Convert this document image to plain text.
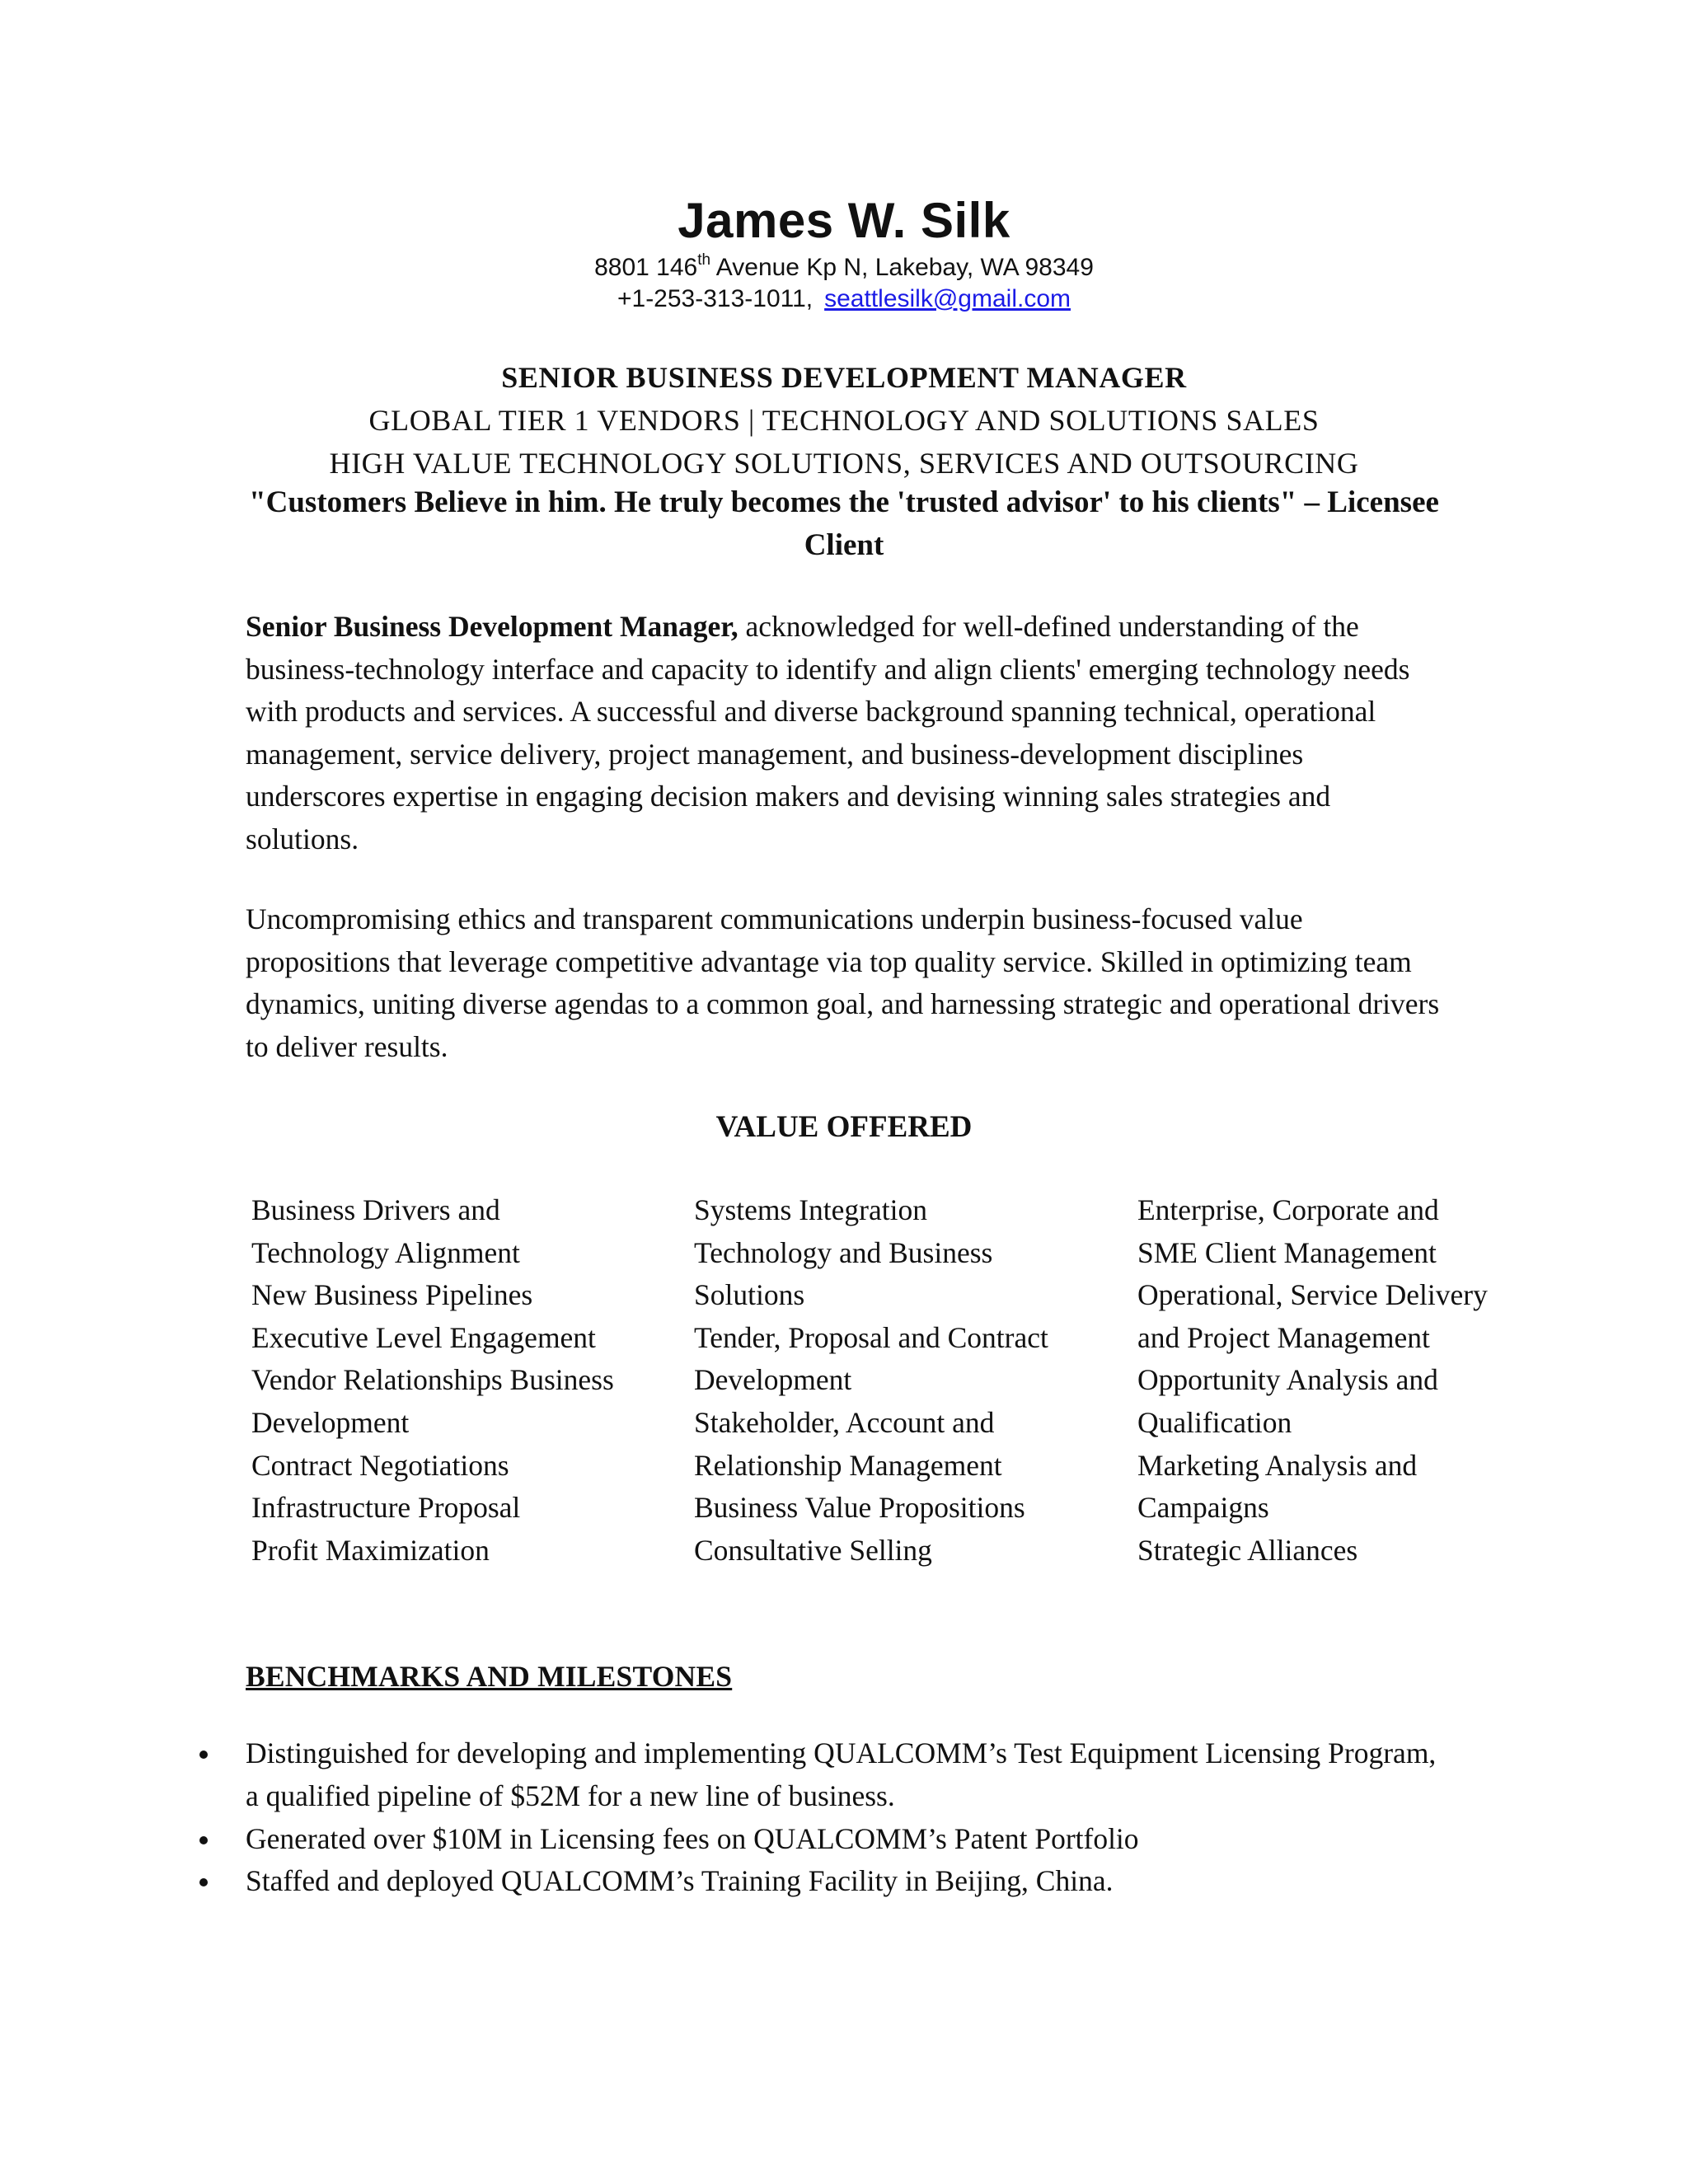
James W. Silk
8801 146th Avenue Kp N, Lakebay, WA 98349
+1-253-313-1011, seattlesilk@gmail.com
SENIOR BUSINESS DEVELOPMENT MANAGER
GLOBAL TIER 1 VENDORS | TECHNOLOGY AND SOLUTIONS SALES
HIGH VALUE TECHNOLOGY SOLUTIONS, SERVICES AND OUTSOURCING
"Customers Believe in him. He truly becomes the 'trusted advisor' to his clients" – Licensee Client
Senior Business Development Manager, acknowledged for well-defined understanding of the business-technology interface and capacity to identify and align clients' emerging technology needs with products and services. A successful and diverse background spanning technical, operational management, service delivery, project management, and business-development disciplines underscores expertise in engaging decision makers and devising winning sales strategies and solutions.
Uncompromising ethics and transparent communications underpin business-focused value propositions that leverage competitive advantage via top quality service. Skilled in optimizing team dynamics, uniting diverse agendas to a common goal, and harnessing strategic and operational drivers to deliver results.
VALUE OFFERED
Business Drivers and
Technology Alignment
New Business Pipelines
Executive Level Engagement
Vendor Relationships Business
Development
Contract Negotiations
Infrastructure Proposal
Profit Maximization
Systems Integration
Technology and Business
Solutions
Tender, Proposal and Contract
Development
Stakeholder, Account and
Relationship Management
Business Value Propositions
Consultative Selling
Enterprise, Corporate and
SME Client Management
Operational, Service Delivery
and Project Management
Opportunity Analysis and
Qualification
Marketing Analysis and
Campaigns
Strategic Alliances
BENCHMARKS AND MILESTONES
Distinguished for developing and implementing QUALCOMM’s Test Equipment Licensing Program, a qualified pipeline of $52M for a new line of business.
Generated over $10M in Licensing fees on QUALCOMM’s Patent Portfolio
Staffed and deployed QUALCOMM’s Training Facility in Beijing, China.
